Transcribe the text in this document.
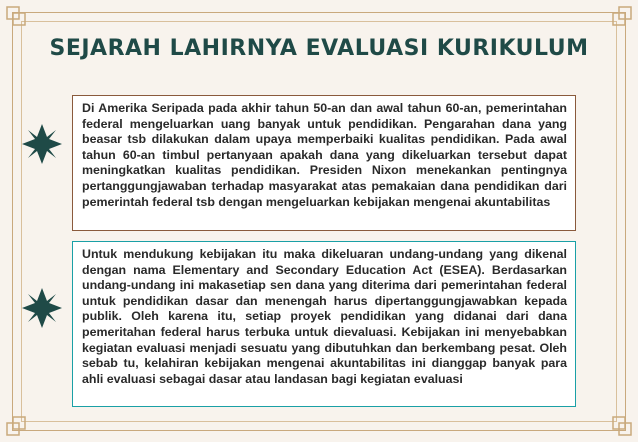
SEJARAH LAHIRNYA EVALUASI KURIKULUM
Di Amerika Seripada pada akhir tahun 50-an dan awal tahun 60-an, pemerintahan federal mengeluarkan uang banyak untuk pendidikan. Pengarahan dana yang beasar tsb dilakukan dalam upaya memperbaiki kualitas pendidikan. Pada awal tahun 60-an timbul pertanyaan apakah dana yang dikeluarkan tersebut dapat meningkatkan kualitas pendidikan. Presiden Nixon menekankan pentingnya pertanggungjawaban terhadap masyarakat atas pemakaian dana pendidikan dari pemerintah federal tsb dengan mengeluarkan kebijakan mengenai akuntabilitas
Untuk mendukung kebijakan itu maka dikeluaran undang-undang yang dikenal dengan nama Elementary and Secondary Education Act (ESEA). Berdasarkan undang-undang ini makasetiap sen dana yang diterima dari pemerintahan federal untuk pendidikan dasar dan menengah harus dipertanggungjawabkan kepada publik. Oleh karena itu, setiap proyek pendidikan yang didanai dari dana pemeritahan federal harus terbuka untuk dievaluasi. Kebijakan ini menyebabkan kegiatan evaluasi menjadi sesuatu yang dibutuhkan dan berkembang pesat. Oleh sebab tu, kelahiran kebijakan mengenai akuntabilitas ini dianggap banyak para ahli evaluasi sebagai dasar atau landasan bagi kegiatan evaluasi
